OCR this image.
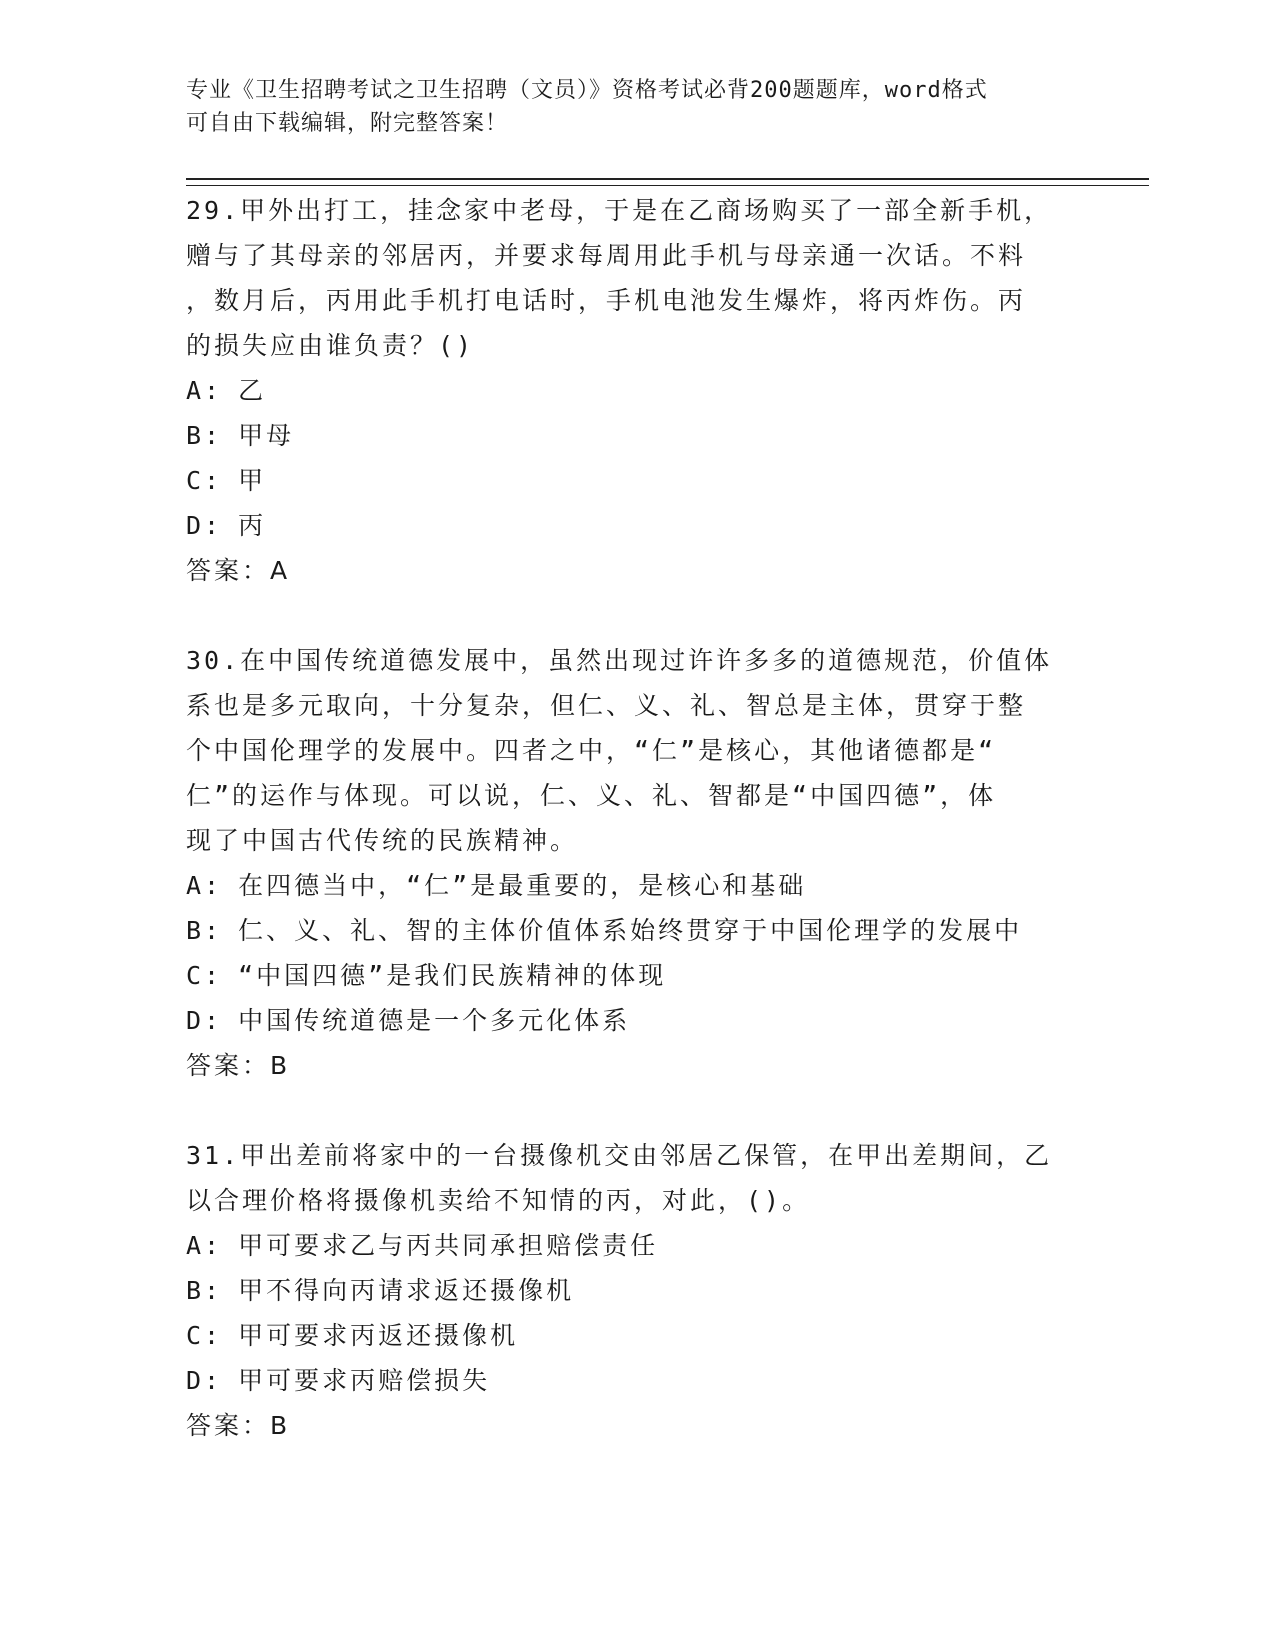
专业《卫生招聘考试之卫生招聘（文员）》资格考试必背200题题库，word格式
可自由下载编辑，附完整答案！

29.甲外出打工，挂念家中老母，于是在乙商场购买了一部全新手机，

赠与了其母亲的邻居丙，并要求每周用此手机与母亲通一次话。不料

，数月后，丙用此手机打电话时，手机电池发生爆炸，将丙炸伤。丙

的损失应由谁负责？()

A: 乙

B: 甲母

C: 甲

D: 丙

答案：A

30.在中国传统道德发展中，虽然出现过许许多多的道德规范，价值体

系也是多元取向，十分复杂，但仁、义、礼、智总是主体，贯穿于整

个中国伦理学的发展中。四者之中，“仁”是核心，其他诸德都是“

仁”的运作与体现。可以说，仁、义、礼、智都是“中国四德”，体

现了中国古代传统的民族精神。

A: 在四德当中，“仁”是最重要的，是核心和基础

B: 仁、义、礼、智的主体价值体系始终贯穿于中国伦理学的发展中

C: “中国四德”是我们民族精神的体现

D: 中国传统道德是一个多元化体系

答案：B

31.甲出差前将家中的一台摄像机交由邻居乙保管，在甲出差期间，乙

以合理价格将摄像机卖给不知情的丙，对此，()。

A: 甲可要求乙与丙共同承担赔偿责任

B: 甲不得向丙请求返还摄像机

C: 甲可要求丙返还摄像机

D: 甲可要求丙赔偿损失

答案：B
